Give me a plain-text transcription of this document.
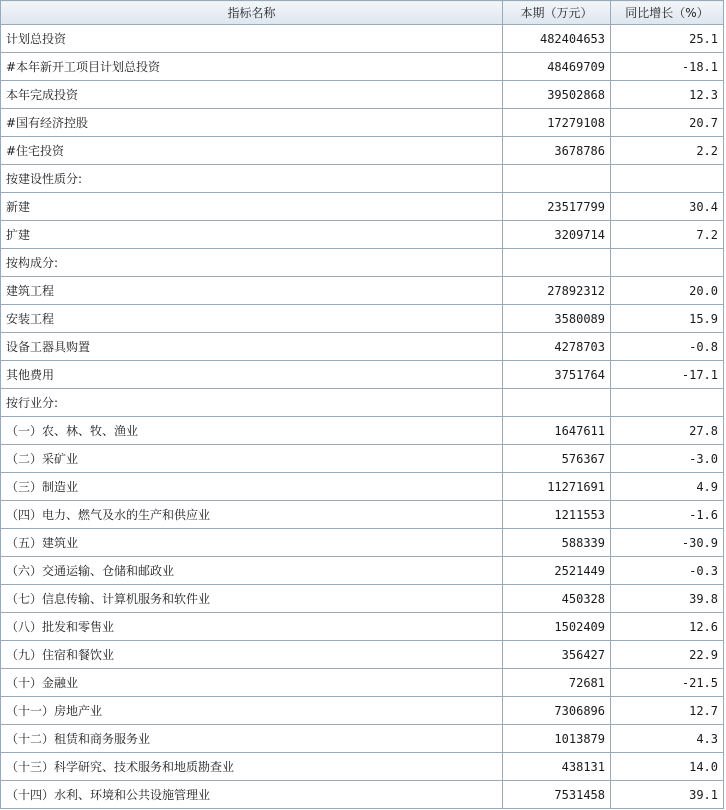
指标名称	本期（万元）	同比增长（%）
计划总投资	482404653	25.1
#本年新开工项目计划总投资	48469709	-18.1
本年完成投资	39502868	12.3
#国有经济控股	17279108	20.7
#住宅投资	3678786	2.2
按建设性质分:		
新建	23517799	30.4
扩建	3209714	7.2
按构成分:		
建筑工程	27892312	20.0
安装工程	3580089	15.9
设备工器具购置	4278703	-0.8
其他费用	3751764	-17.1
按行业分:		
（一）农、林、牧、渔业	1647611	27.8
（二）采矿业	576367	-3.0
（三）制造业	11271691	4.9
（四）电力、燃气及水的生产和供应业	1211553	-1.6
（五）建筑业	588339	-30.9
（六）交通运输、仓储和邮政业	2521449	-0.3
（七）信息传输、计算机服务和软件业	450328	39.8
（八）批发和零售业	1502409	12.6
（九）住宿和餐饮业	356427	22.9
（十）金融业	72681	-21.5
（十一）房地产业	7306896	12.7
（十二）租赁和商务服务业	1013879	4.3
（十三）科学研究、技术服务和地质勘查业	438131	14.0
（十四）水利、环境和公共设施管理业	7531458	39.1
